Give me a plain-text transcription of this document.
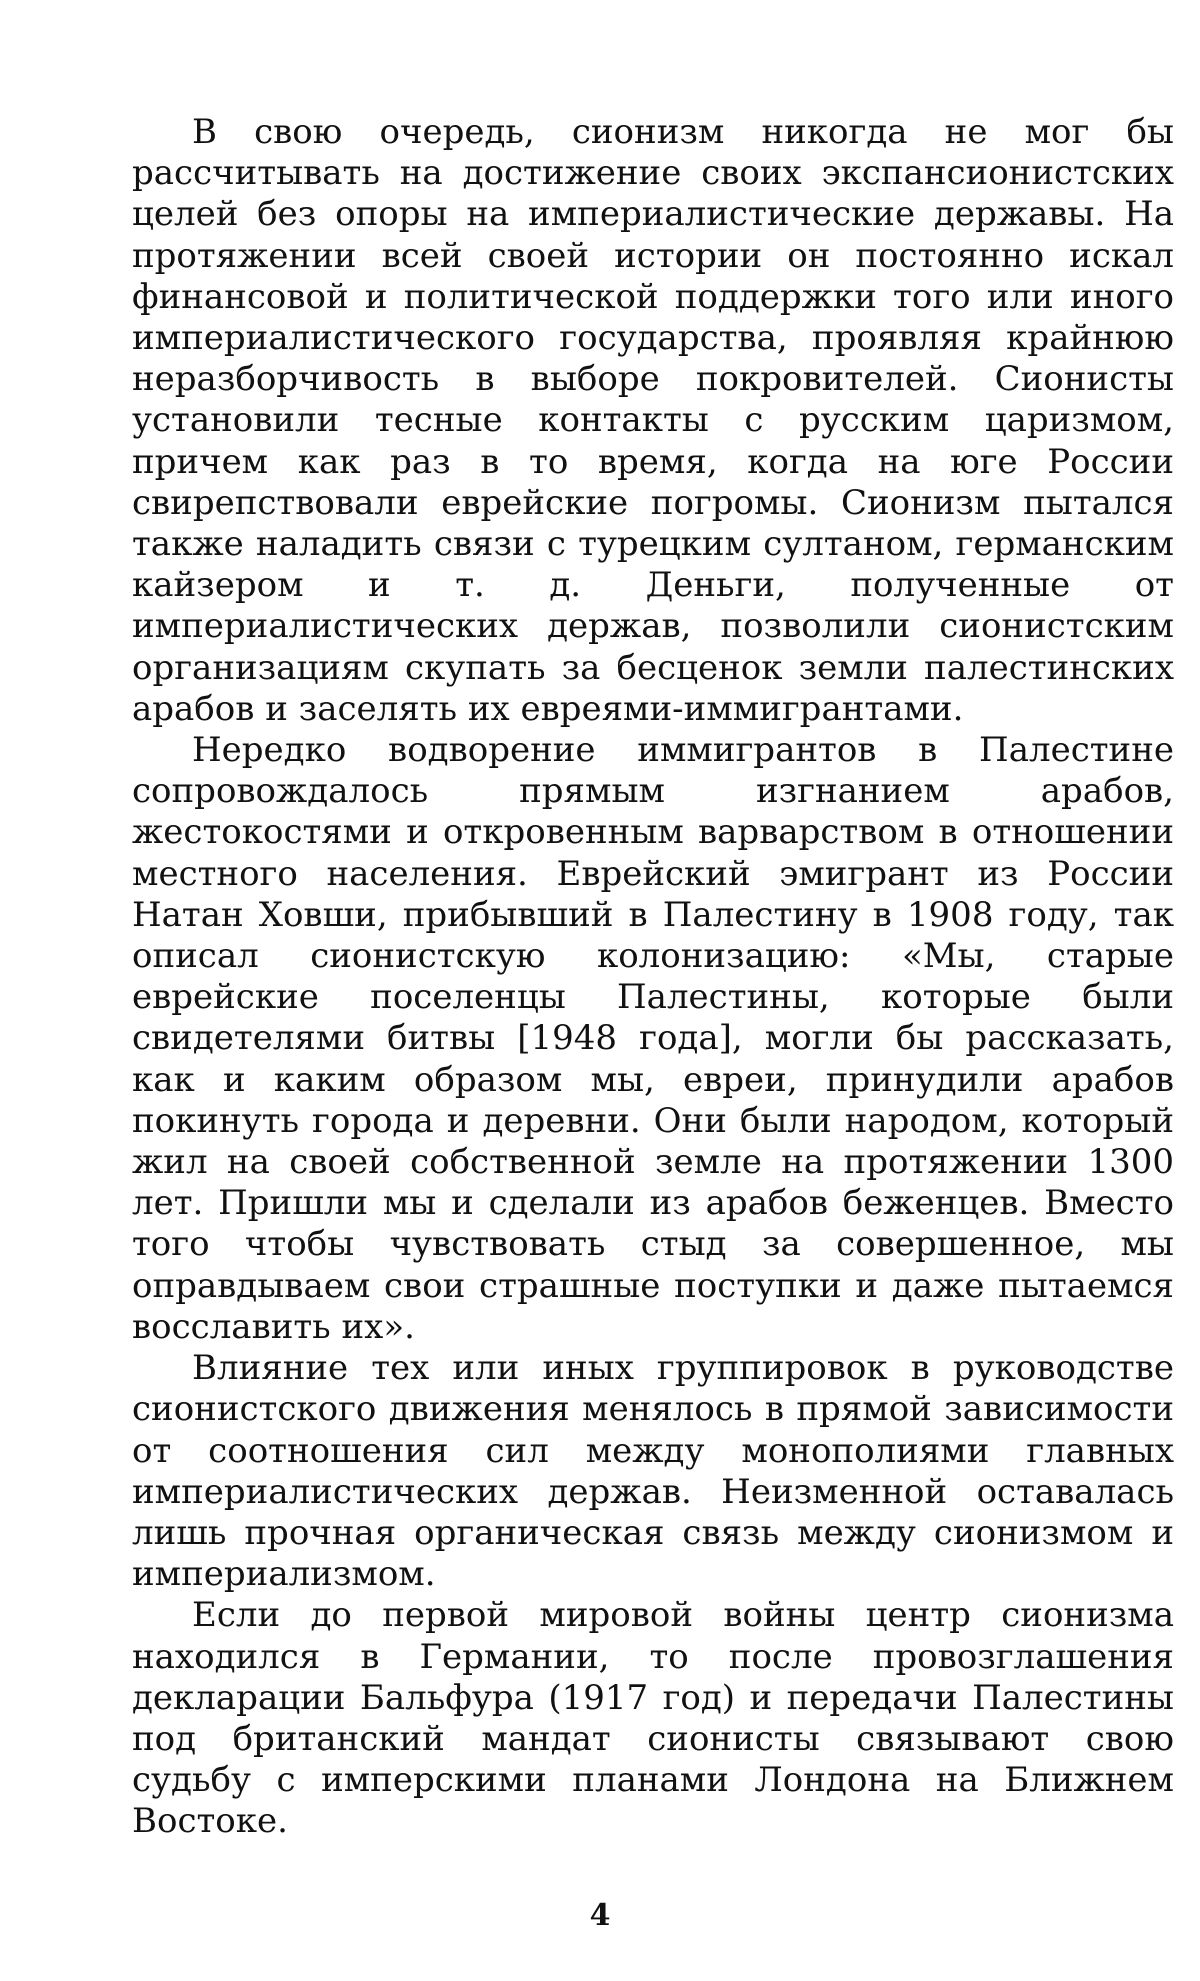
В свою очередь, сионизм никогда не мог бы рассчитывать на достижение своих экспансионистских целей без опоры на империалистические державы. На протяжении всей своей истории он постоянно искал финансовой и политической поддержки того или иного империалистического государства, проявляя крайнюю неразборчивость в выборе покровителей. Сионисты установили тесные контакты с русским царизмом, причем как раз в то время, когда на юге России свирепствовали еврейские погромы. Сионизм пытался также наладить связи с турецким султаном, германским кайзером и т. д. Деньги, полученные от империалистических держав, позволили сионистским организациям скупать за бесценок земли палестинских арабов и заселять их евреями-иммигрантами.

Нередко водворение иммигрантов в Палестине сопровождалось прямым изгнанием арабов, жестокостями и откровенным варварством в отношении местного населения. Еврейский эмигрант из России Натан Ховши, прибывший в Палестину в 1908 году, так описал сионистскую колонизацию: «Мы, старые еврейские поселенцы Палестины, которые были свидетелями битвы [1948 года], могли бы рассказать, как и каким образом мы, евреи, принудили арабов покинуть города и деревни. Они были народом, который жил на своей собственной земле на протяжении 1300 лет. Пришли мы и сделали из арабов беженцев. Вместо того чтобы чувствовать стыд за совершенное, мы оправдываем свои страшные поступки и даже пытаемся восславить их».

Влияние тех или иных группировок в руководстве сионистского движения менялось в прямой зависимости от соотношения сил между монополиями главных империалистических держав. Неизменной оставалась лишь прочная органическая связь между сионизмом и империализмом.

Если до первой мировой войны центр сионизма находился в Германии, то после провозглашения декларации Бальфура (1917 год) и передачи Палестины под британский мандат сионисты связывают свою судьбу с имперскими планами Лондона на Ближнем Востоке.

4
